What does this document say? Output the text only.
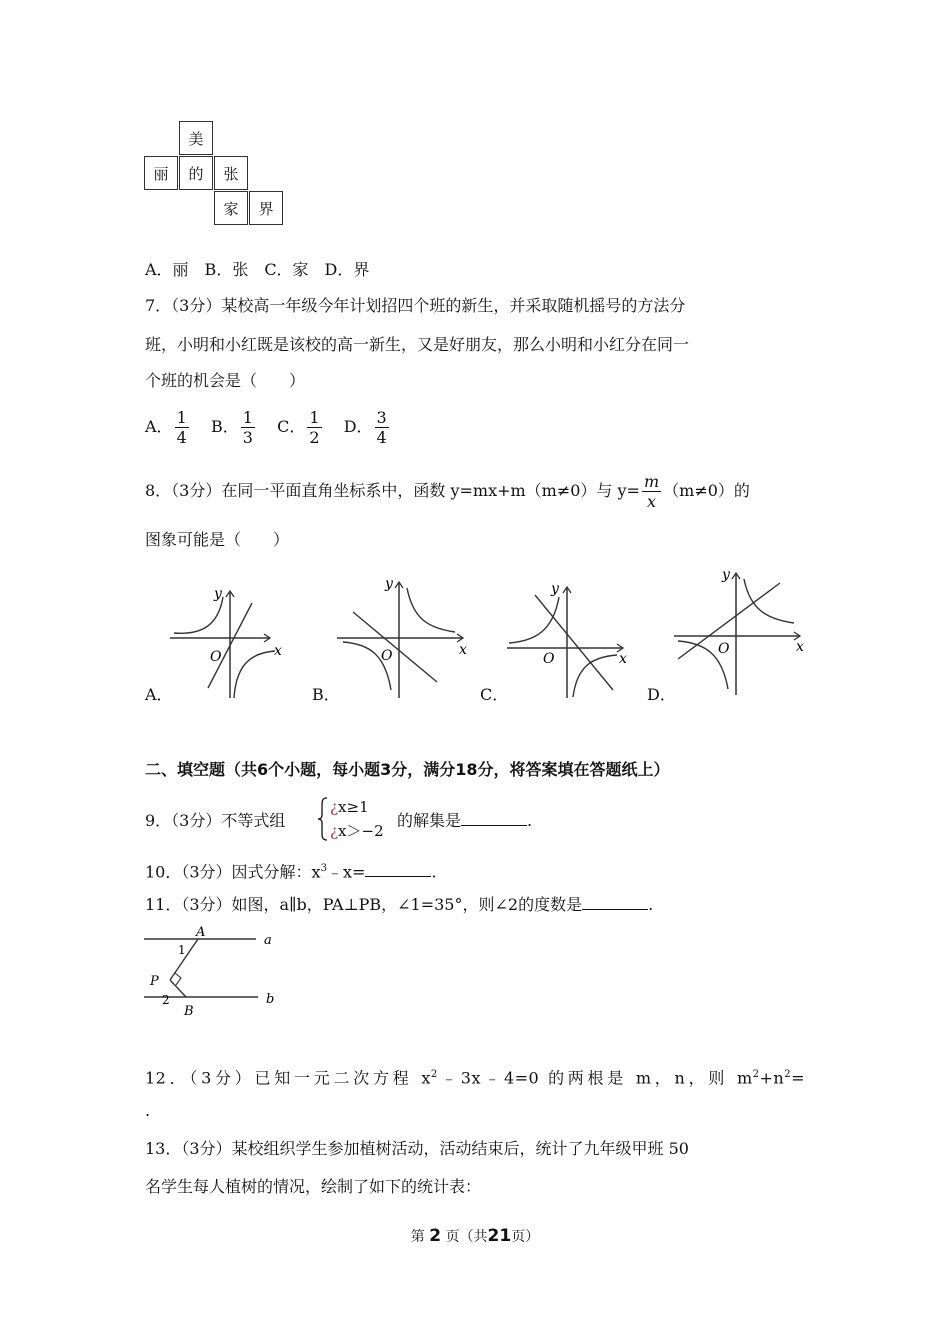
美
丽	的	张
家	界
A．丽　B．张　C．家　D．界
7．（3分）某校高一年级今年计划招四个班的新生，并采取随机摇号的方法分
班，小明和小红既是该校的高一新生，又是好朋友，那么小明和小红分在同一
个班的机会是（　　）
A． $\frac{1}{4}$ B． $\frac{1}{3}$ C． $\frac{1}{2}$ D． $\frac{3}{4}$
8．（3分）在同一平面直角坐标系中，函数 y=mx+m（m≠0）与 $y= \frac{m}{x} (m\ne 0)$的
图象可能是（　　）
x
y
O
A．
x
y
O
B．
x
y
O
C．
x
y
O
D．
二、填空题（共6个小题，每小题3分，满分18分，将答案填在答题纸上）
9．（3分）不等式组
¿x≥1
¿x＞−2
的解集是	.
10．（3分）因式分解：$x^3﹣x=$	.
11．（3分）如图，a∥b，PA⊥PB，∠1=35°，则∠2的度数是	.
a
b
A
B
P
1
2
12．（3分）已知一元二次方程 $x^2﹣3x﹣4=0$ 的两根是 m，n，则 $m^2+n^2=$
.
13．（3分）某校组织学生参加植树活动，活动结束后，统计了九年级甲班 50
名学生每人植树的情况，绘制了如下的统计表：
第 2 页（共21页）
